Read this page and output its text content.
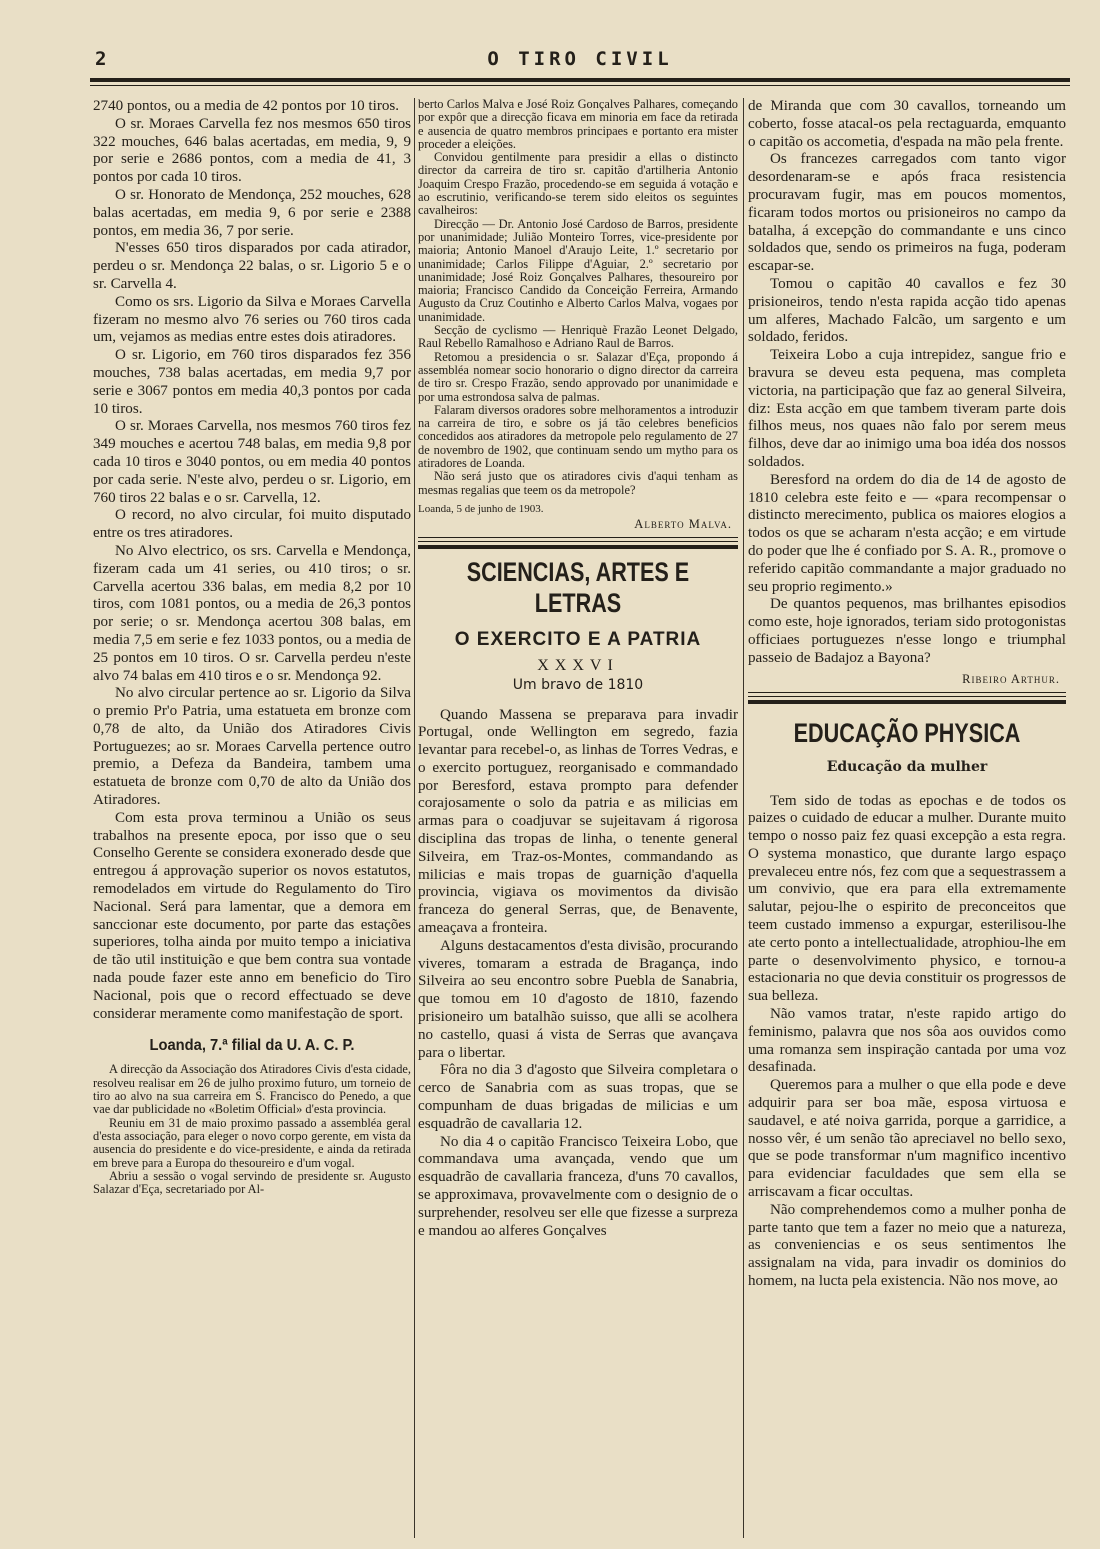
2	O TIRO CIVIL

2740 pontos, ou a media de 42 pontos por 10 tiros.

O sr. Moraes Carvella fez nos mesmos 650 tiros 322 mouches, 646 balas acertadas, em media, 9, 9 por serie e 2686 pontos, com a media de 41, 3 pontos por cada 10 tiros.

O sr. Honorato de Mendonça, 252 mouches, 628 balas acertadas, em media 9, 6 por serie e 2388 pontos, em media 36, 7 por serie.

N'esses 650 tiros disparados por cada atirador, perdeu o sr. Mendonça 22 balas, o sr. Ligorio 5 e o sr. Carvella 4.

Como os srs. Ligorio da Silva e Moraes Carvella fizeram no mesmo alvo 76 series ou 760 tiros cada um, vejamos as medias entre estes dois atiradores.

O sr. Ligorio, em 760 tiros disparados fez 356 mouches, 738 balas acertadas, em media 9,7 por serie e 3067 pontos em media 40,3 pontos por cada 10 tiros.

O sr. Moraes Carvella, nos mesmos 760 tiros fez 349 mouches e acertou 748 balas, em media 9,8 por cada 10 tiros e 3040 pontos, ou em media 40 pontos por cada serie. N'este alvo, perdeu o sr. Ligorio, em 760 tiros 22 balas e o sr. Carvella, 12.

O record, no alvo circular, foi muito disputado entre os tres atiradores.

No Alvo electrico, os srs. Carvella e Mendonça, fizeram cada um 41 series, ou 410 tiros; o sr. Carvella acertou 336 balas, em media 8,2 por 10 tiros, com 1081 pontos, ou a media de 26,3 pontos por serie; o sr. Mendonça acertou 308 balas, em media 7,5 em serie e fez 1033 pontos, ou a media de 25 pontos em 10 tiros. O sr. Carvella perdeu n'este alvo 74 balas em 410 tiros e o sr. Mendonça 92.

No alvo circular pertence ao sr. Ligorio da Silva o premio Pr'o Patria, uma estatueta em bronze com 0,78 de alto, da União dos Atiradores Civis Portuguezes; ao sr. Moraes Carvella pertence outro premio, a Defeza da Bandeira, tambem uma estatueta de bronze com 0,70 de alto da União dos Atiradores.

Com esta prova terminou a União os seus trabalhos na presente epoca, por isso que o seu Conselho Gerente se considera exonerado desde que entregou á approvação superior os novos estatutos, remodelados em virtude do Regulamento do Tiro Nacional. Será para lamentar, que a demora em sanccionar este documento, por parte das estações superiores, tolha ainda por muito tempo a iniciativa de tão util instituição e que bem contra sua vontade nada poude fazer este anno em beneficio do Tiro Nacional, pois que o record effectuado se deve considerar meramente como manifestação de sport.

Loanda, 7.ª filial da U. A. C. P.

A direcção da Associação dos Atiradores Civis d'esta cidade, resolveu realisar em 26 de julho proximo futuro, um torneio de tiro ao alvo na sua carreira em S. Francisco do Penedo, a que vae dar publicidade no «Boletim Official» d'esta provincia.

Reuniu em 31 de maio proximo passado a assembléa geral d'esta associação, para eleger o novo corpo gerente, em vista da ausencia do presidente e do vice-presidente, e ainda da retirada em breve para a Europa do thesoureiro e d'um vogal.

Abriu a sessão o vogal servindo de presidente sr. Augusto Salazar d'Eça, secretariado por Al-

berto Carlos Malva e José Roiz Gonçalves Palhares, começando por expôr que a direcção ficava em minoria em face da retirada e ausencia de quatro membros principaes e portanto era mister proceder a eleições.

Convidou gentilmente para presidir a ellas o distincto director da carreira de tiro sr. capitão d'artilheria Antonio Joaquim Crespo Frazão, procedendo-se em seguida á votação e ao escrutinio, verificando-se terem sido eleitos os seguintes cavalheiros:

Direcção — Dr. Antonio José Cardoso de Barros, presidente por unanimidade; Julião Monteiro Torres, vice-presidente por maioria; Antonio Manoel d'Araujo Leite, 1.º secretario por unanimidade; Carlos Filippe d'Aguiar, 2.º secretario por unanimidade; José Roiz Gonçalves Palhares, thesoureiro por maioria; Francisco Candido da Conceição Ferreira, Armando Augusto da Cruz Coutinho e Alberto Carlos Malva, vogaes por unanimidade.

Secção de cyclismo — Henriquè Frazão Leonet Delgado, Raul Rebello Ramalhoso e Adriano Raul de Barros.

Retomou a presidencia o sr. Salazar d'Eça, propondo á assembléa nomear socio honorario o digno director da carreira de tiro sr. Crespo Frazão, sendo approvado por unanimidade e por uma estrondosa salva de palmas.

Falaram diversos oradores sobre melhoramentos a introduzir na carreira de tiro, e sobre os já tão celebres beneficios concedidos aos atiradores da metropole pelo regulamento de 27 de novembro de 1902, que continuam sendo um mytho para os atiradores de Loanda.

Não será justo que os atiradores civis d'aqui tenham as mesmas regalias que teem os da metropole?

Loanda, 5 de junho de 1903.
Alberto Malva.
SCIENCIAS, ARTES E LETRAS
O EXERCITO E A PATRIA
XXXVI
Um bravo de 1810

Quando Massena se preparava para invadir Portugal, onde Wellington em segredo, fazia levantar para recebel-o, as linhas de Torres Vedras, e o exercito portuguez, reorganisado e commandado por Beresford, estava prompto para defender corajosamente o solo da patria e as milicias em armas para o coadjuvar se sujeitavam á rigorosa disciplina das tropas de linha, o tenente general Silveira, em Traz-os-Montes, commandando as milicias e mais tropas de guarnição d'aquella provincia, vigiava os movimentos da divisão franceza do general Serras, que, de Benavente, ameaçava a fronteira.

Alguns destacamentos d'esta divisão, procurando viveres, tomaram a estrada de Bragança, indo Silveira ao seu encontro sobre Puebla de Sanabria, que tomou em 10 d'agosto de 1810, fazendo prisioneiro um batalhão suisso, que alli se acolhera no castello, quasi á vista de Serras que avançava para o libertar.

Fôra no dia 3 d'agosto que Silveira completara o cerco de Sanabria com as suas tropas, que se compunham de duas brigadas de milicias e um esquadrão de cavallaria 12.

No dia 4 o capitão Francisco Teixeira Lobo, que commandava uma avançada, vendo que um esquadrão de cavallaria franceza, d'uns 70 cavallos, se approximava, provavelmente com o designio de o surprehender, resolveu ser elle que fizesse a surpreza e mandou ao alferes Gonçalves

de Miranda que com 30 cavallos, torneando um coberto, fosse atacal-os pela rectaguarda, emquanto o capitão os accometia, d'espada na mão pela frente.

Os francezes carregados com tanto vigor desordenaram-se e após fraca resistencia procuravam fugir, mas em poucos momentos, ficaram todos mortos ou prisioneiros no campo da batalha, á excepção do commandante e uns cinco soldados que, sendo os primeiros na fuga, poderam escapar-se.

Tomou o capitão 40 cavallos e fez 30 prisioneiros, tendo n'esta rapida acção tido apenas um alferes, Machado Falcão, um sargento e um soldado, feridos.

Teixeira Lobo a cuja intrepidez, sangue frio e bravura se deveu esta pequena, mas completa victoria, na participação que faz ao general Silveira, diz: Esta acção em que tambem tiveram parte dois filhos meus, nos quaes não falo por serem meus filhos, deve dar ao inimigo uma boa idéa dos nossos soldados.

Beresford na ordem do dia de 14 de agosto de 1810 celebra este feito e — «para recompensar o distincto merecimento, publica os maiores elogios a todos os que se acharam n'esta acção; e em virtude do poder que lhe é confiado por S. A. R., promove o referido capitão commandante a major graduado no seu proprio regimento.»

De quantos pequenos, mas brilhantes episodios como este, hoje ignorados, teriam sido protogonistas officiaes portuguezes n'esse longo e triumphal passeio de Badajoz a Bayona?

Ribeiro Arthur.
EDUCAÇÃO PHYSICA
Educação da mulher

Tem sido de todas as epochas e de todos os paizes o cuidado de educar a mulher. Durante muito tempo o nosso paiz fez quasi excepção a esta regra. O systema monastico, que durante largo espaço prevaleceu entre nós, fez com que a sequestrassem a um convivio, que era para ella extremamente salutar, pejou-lhe o espirito de preconceitos que teem custado immenso a expurgar, esterilisou-lhe ate certo ponto a intellectualidade, atrophiou-lhe em parte o desenvolvimento physico, e tornou-a estacionaria no que devia constituir os progressos de sua belleza.

Não vamos tratar, n'este rapido artigo do feminismo, palavra que nos sôa aos ouvidos como uma romanza sem inspiração cantada por uma voz desafinada.

Queremos para a mulher o que ella pode e deve adquirir para ser boa mãe, esposa virtuosa e saudavel, e até noiva garrida, porque a garridice, a nosso vêr, é um senão tão apreciavel no bello sexo, que se pode transformar n'um magnifico incentivo para evidenciar faculdades que sem ella se arriscavam a ficar occultas.

Não comprehendemos como a mulher ponha de parte tanto que tem a fazer no meio que a natureza, as conveniencias e os seus sentimentos lhe assignalam na vida, para invadir os dominios do homem, na lucta pela existencia. Não nos move, ao
